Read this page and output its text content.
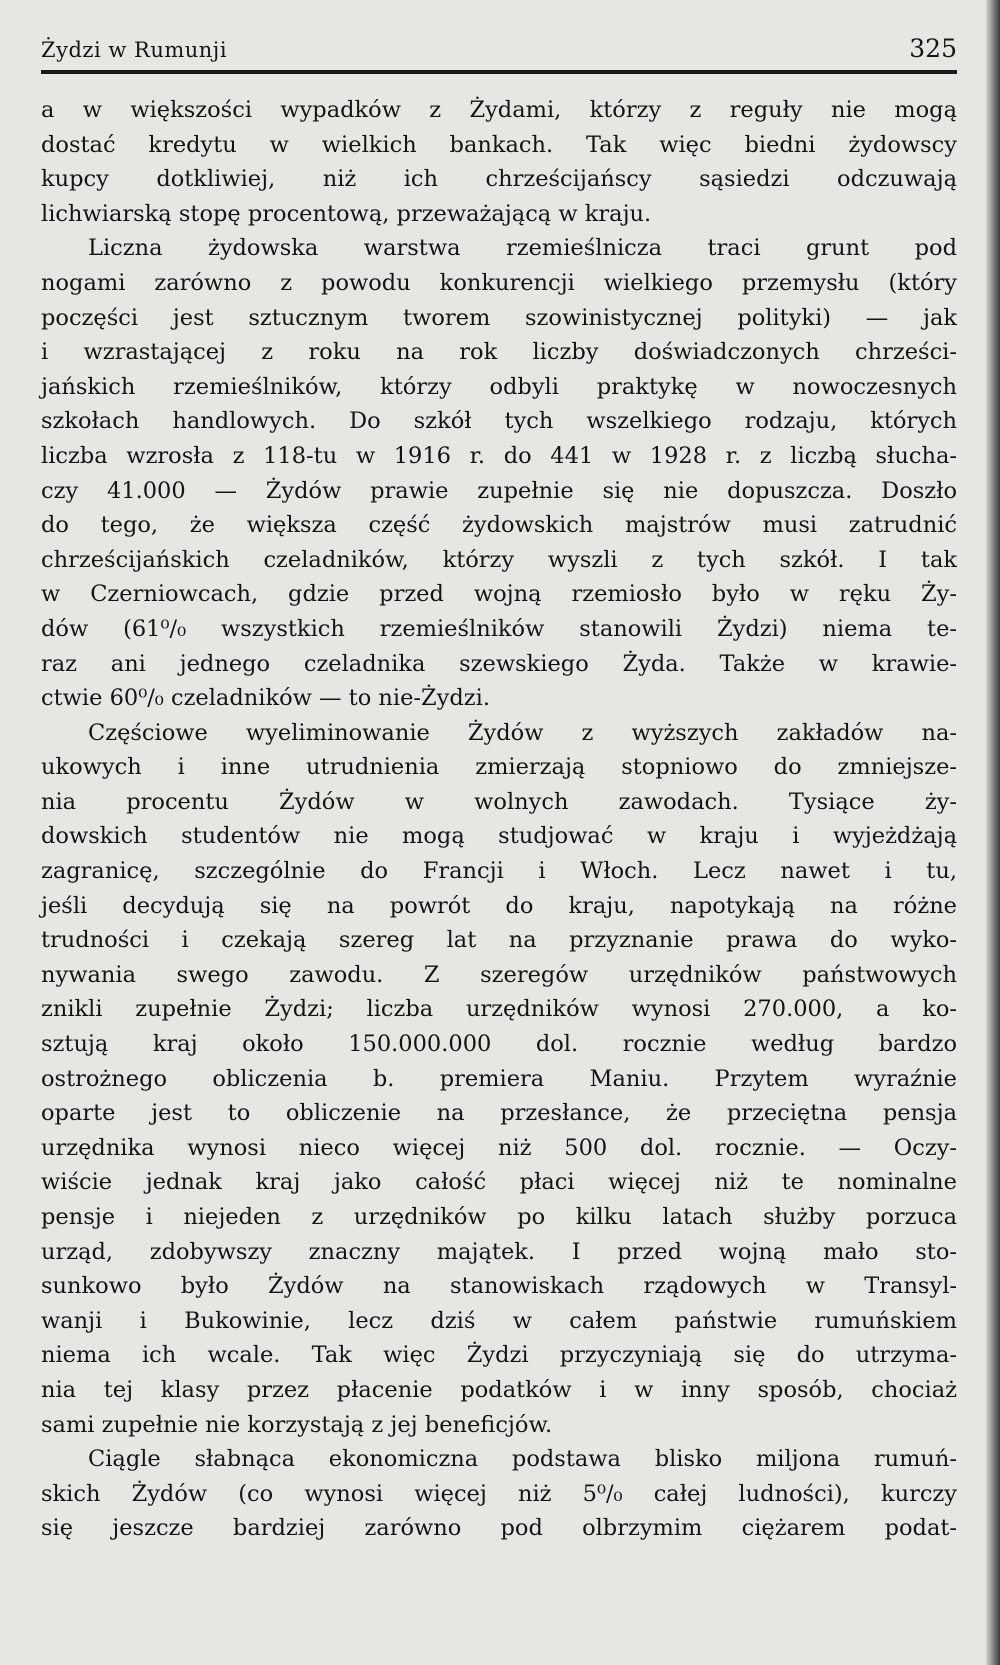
Żydzi w Rumunji	325
a w większości wypadków z Żydami, którzy z reguły nie mogą
dostać kredytu w wielkich bankach. Tak więc biedni żydowscy
kupcy dotkliwiej, niż ich chrześcijańscy sąsiedzi odczuwają
lichwiarską stopę procentową, przeważającą w kraju.
Liczna żydowska warstwa rzemieślnicza traci grunt pod
nogami zarówno z powodu konkurencji wielkiego przemysłu (który
poczęści jest sztucznym tworem szowinistycznej polityki) — jak
i wzrastającej z roku na rok liczby doświadczonych chrześci-
jańskich rzemieślników, którzy odbyli praktykę w nowoczesnych
szkołach handlowych. Do szkół tych wszelkiego rodzaju, których
liczba wzrosła z 118-tu w 1916 r. do 441 w 1928 r. z liczbą słucha-
czy 41.000 — Żydów prawie zupełnie się nie dopuszcza. Doszło
do tego, że większa część żydowskich majstrów musi zatrudnić
chrześcijańskich czeladników, którzy wyszli z tych szkół. I tak
w Czerniowcach, gdzie przed wojną rzemiosło było w ręku Ży-
dów (61⁰/₀ wszystkich rzemieślników stanowili Żydzi) niema te-
raz ani jednego czeladnika szewskiego Żyda. Także w krawie-
ctwie 60⁰/₀ czeladników — to nie-Żydzi.
Częściowe wyeliminowanie Żydów z wyższych zakładów na-
ukowych i inne utrudnienia zmierzają stopniowo do zmniejsze-
nia procentu Żydów w wolnych zawodach. Tysiące ży-
dowskich studentów nie mogą studjować w kraju i wyjeżdżają
zagranicę, szczególnie do Francji i Włoch. Lecz nawet i tu,
jeśli decydują się na powrót do kraju, napotykają na różne
trudności i czekają szereg lat na przyznanie prawa do wyko-
nywania swego zawodu. Z szeregów urzędników państwowych
znikli zupełnie Żydzi; liczba urzędników wynosi 270.000, a ko-
sztują kraj około 150.000.000 dol. rocznie według bardzo
ostrożnego obliczenia b. premiera Maniu. Przytem wyraźnie
oparte jest to obliczenie na przesłance, że przeciętna pensja
urzędnika wynosi nieco więcej niż 500 dol. rocznie. — Oczy-
wiście jednak kraj jako całość płaci więcej niż te nominalne
pensje i niejeden z urzędników po kilku latach służby porzuca
urząd, zdobywszy znaczny majątek. I przed wojną mało sto-
sunkowo było Żydów na stanowiskach rządowych w Transyl-
wanji i Bukowinie, lecz dziś w całem państwie rumuńskiem
niema ich wcale. Tak więc Żydzi przyczyniają się do utrzyma-
nia tej klasy przez płacenie podatków i w inny sposób, chociaż
sami zupełnie nie korzystają z jej beneficjów.
Ciągle słabnąca ekonomiczna podstawa blisko miljona rumuń-
skich Żydów (co wynosi więcej niż 5⁰/₀ całej ludności), kurczy
się jeszcze bardziej zarówno pod olbrzymim ciężarem podat-
